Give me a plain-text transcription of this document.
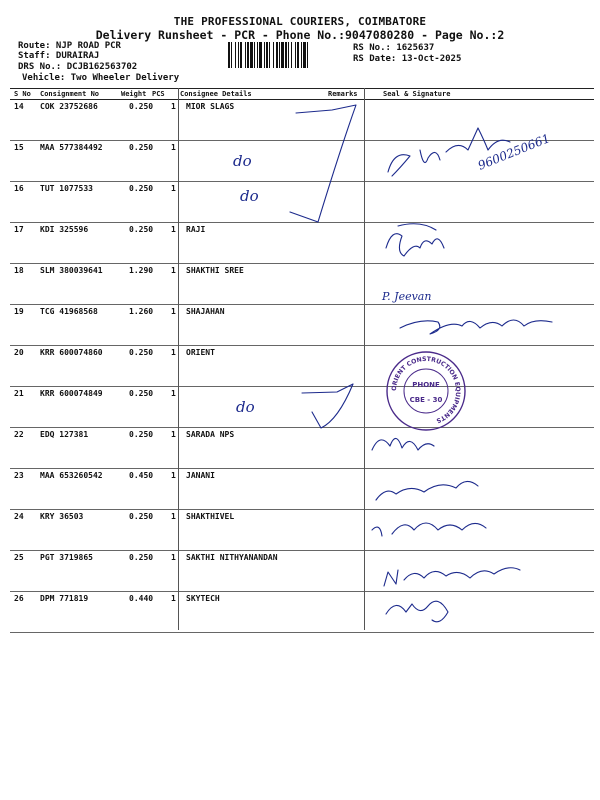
THE PROFESSIONAL COURIERS, COIMBATORE
Delivery Runsheet - PCR - Phone No.:9047080280 - Page No.:2
Route: NJP ROAD PCR
Staff: DURAIRAJ
DRS No.: DCJB162563702
Vehicle: Two Wheeler Delivery
RS No.: 1625637
RS Date: 13-Oct-2025
S No Consignment No	Weight PCS Consignee Details	Remarks	Seal & Signature
14 COK 23752686	0.250 1 MIOR SLAGS
15 MAA 577384492	0.250 1
16 TUT 1077533	0.250 1
17 KDI 325596	0.250 1 RAJI
18 SLM 380039641	1.290 1 SHAKTHI SREE
19 TCG 41968568	1.260 1 SHAJAHAN
20 KRR 600074860	0.250 1 ORIENT
21 KRR 600074849	0.250 1
22 EDQ 127381	0.250 1 SARADA NPS
23 MAA 653260542	0.450 1 JANANI
24 KRY 36503	0.250 1 SHAKTHIVEL
25 PGT 3719865	0.250 1 SAKTHI NITHYANANDAN
26 DPM 771819	0.440 1 SKYTECH
do
do
do
9600250661
P. Jeevan
ORIENT CONSTRUCTION EQUIPMENTS
PHONE
CBE - 30
